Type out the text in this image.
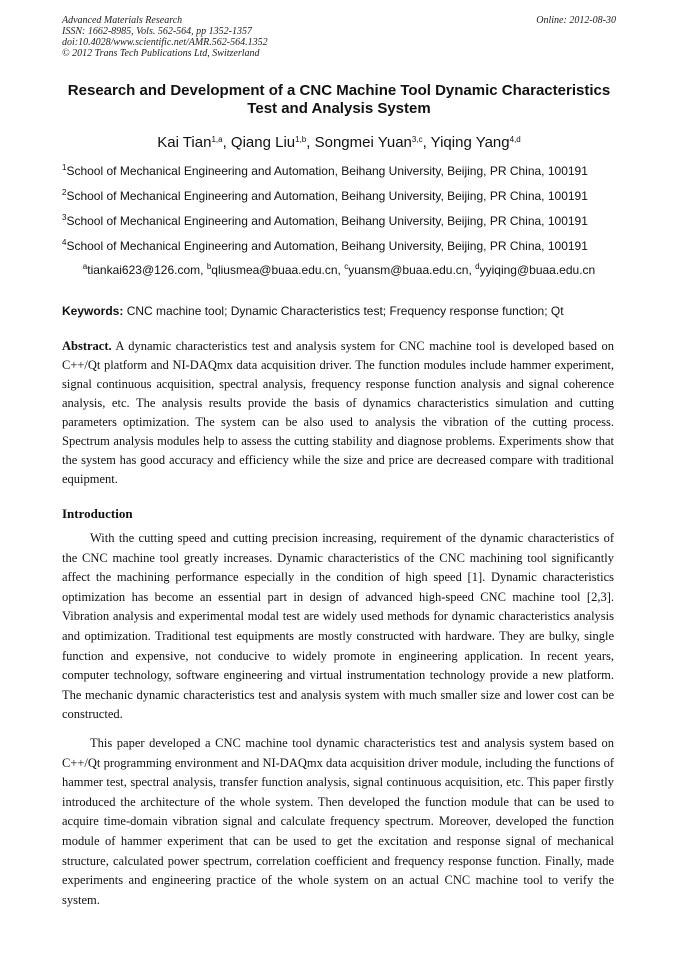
Advanced Materials Research
ISSN: 1662-8985, Vols. 562-564, pp 1352-1357
doi:10.4028/www.scientific.net/AMR.562-564.1352
© 2012 Trans Tech Publications Ltd, Switzerland
Online: 2012-08-30
Research and Development of a CNC Machine Tool Dynamic Characteristics Test and Analysis System
Kai Tian$^{1,a}$, Qiang Liu$^{1,b}$, Songmei Yuan$^{3,c}$, Yiqing Yang$^{4,d}$
$^1$School of Mechanical Engineering and Automation, Beihang University, Beijing, PR China, 100191
$^2$School of Mechanical Engineering and Automation, Beihang University, Beijing, PR China, 100191
$^3$School of Mechanical Engineering and Automation, Beihang University, Beijing, PR China, 100191
$^4$School of Mechanical Engineering and Automation, Beihang University, Beijing, PR China, 100191
$^a$tiankai623@126.com, $^b$qliusmea@buaa.edu.cn, $^c$yuansm@buaa.edu.cn, $^d$yyiqing@buaa.edu.cn
Keywords: CNC machine tool; Dynamic Characteristics test; Frequency response function; Qt
Abstract. A dynamic characteristics test and analysis system for CNC machine tool is developed based on C++/Qt platform and NI-DAQmx data acquisition driver. The function modules include hammer experiment, signal continuous acquisition, spectral analysis, frequency response function analysis and signal coherence analysis, etc. The analysis results provide the basis of dynamics characteristics simulation and cutting parameters optimization. The system can be also used to analysis the vibration of the cutting process. Spectrum analysis modules help to assess the cutting stability and diagnose problems. Experiments show that the system has good accuracy and efficiency while the size and price are decreased compare with traditional equipment.
Introduction

With the cutting speed and cutting precision increasing, requirement of the dynamic characteristics of the CNC machine tool greatly increases. Dynamic characteristics of the CNC machining tool significantly affect the machining performance especially in the condition of high speed [1]. Dynamic characteristics optimization has become an essential part in design of advanced high-speed CNC machine tool [2,3]. Vibration analysis and experimental modal test are widely used methods for dynamic characteristics analysis and optimization. Traditional test equipments are mostly constructed with hardware. They are bulky, single function and expensive, not conducive to widely promote in engineering application. In recent years, computer technology, software engineering and virtual instrumentation technology provide a new platform. The mechanic dynamic characteristics test and analysis system with much smaller size and lower cost can be constructed.

This paper developed a CNC machine tool dynamic characteristics test and analysis system based on C++/Qt programming environment and NI-DAQmx data acquisition driver module, including the functions of hammer test, spectral analysis, transfer function analysis, signal continuous acquisition, etc. This paper firstly introduced the architecture of the whole system. Then developed the function module that can be used to acquire time-domain vibration signal and calculate frequency spectrum. Moreover, developed the function module of hammer experiment that can be used to get the excitation and response signal of mechanical structure, calculated power spectrum, correlation coefficient and frequency response function. Finally, made experiments and engineering practice of the whole system on an actual CNC machine tool to verify the system.
